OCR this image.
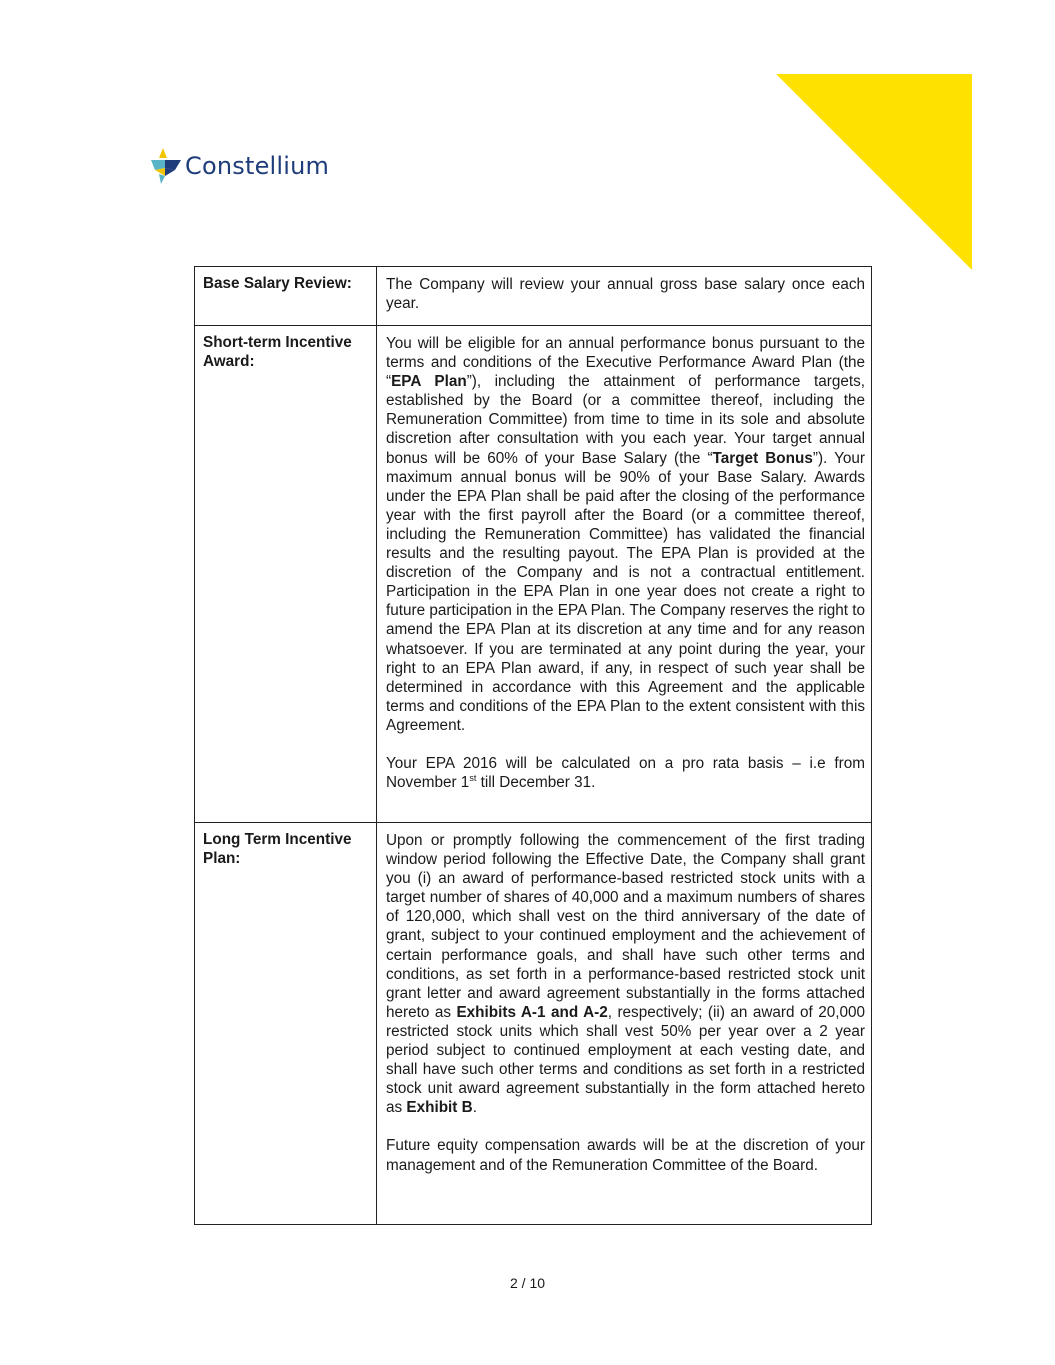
Constellium
Base Salary Review:	The Company will review your annual gross base salary once each year.

Short-term Incentive Award:	You will be eligible for an annual performance bonus pursuant to the terms and conditions of the Executive Performance Award Plan (the “EPA Plan”), including the attainment of performance targets, established by the Board (or a committee thereof, including the Remuneration Committee) from time to time in its sole and absolute discretion after consultation with you each year. Your target annual bonus will be 60% of your Base Salary (the “Target Bonus”). Your maximum annual bonus will be 90% of your Base Salary. Awards under the EPA Plan shall be paid after the closing of the performance year with the first payroll after the Board (or a committee thereof, including the Remuneration Committee) has validated the financial results and the resulting payout. The EPA Plan is provided at the discretion of the Company and is not a contractual entitlement. Participation in the EPA Plan in one year does not create a right to future participation in the EPA Plan. The Company reserves the right to amend the EPA Plan at its discretion at any time and for any reason whatsoever. If you are terminated at any point during the year, your right to an EPA Plan award, if any, in respect of such year shall be determined in accordance with this Agreement and the applicable terms and conditions of the EPA Plan to the extent consistent with this Agreement.

Your EPA 2016 will be calculated on a pro rata basis – i.e from November 1st till December 31.

Long Term Incentive Plan:	Upon or promptly following the commencement of the first trading window period following the Effective Date, the Company shall grant you (i) an award of performance-based restricted stock units with a target number of shares of 40,000 and a maximum numbers of shares of 120,000, which shall vest on the third anniversary of the date of grant, subject to your continued employment and the achievement of certain performance goals, and shall have such other terms and conditions, as set forth in a performance-based restricted stock unit grant letter and award agreement substantially in the forms attached hereto as Exhibits A-1 and A-2, respectively; (ii) an award of 20,000 restricted stock units which shall vest 50% per year over a 2 year period subject to continued employment at each vesting date, and shall have such other terms and conditions as set forth in a restricted stock unit award agreement substantially in the form attached hereto as Exhibit B.

Future equity compensation awards will be at the discretion of your management and of the Remuneration Committee of the Board.

2 / 10
